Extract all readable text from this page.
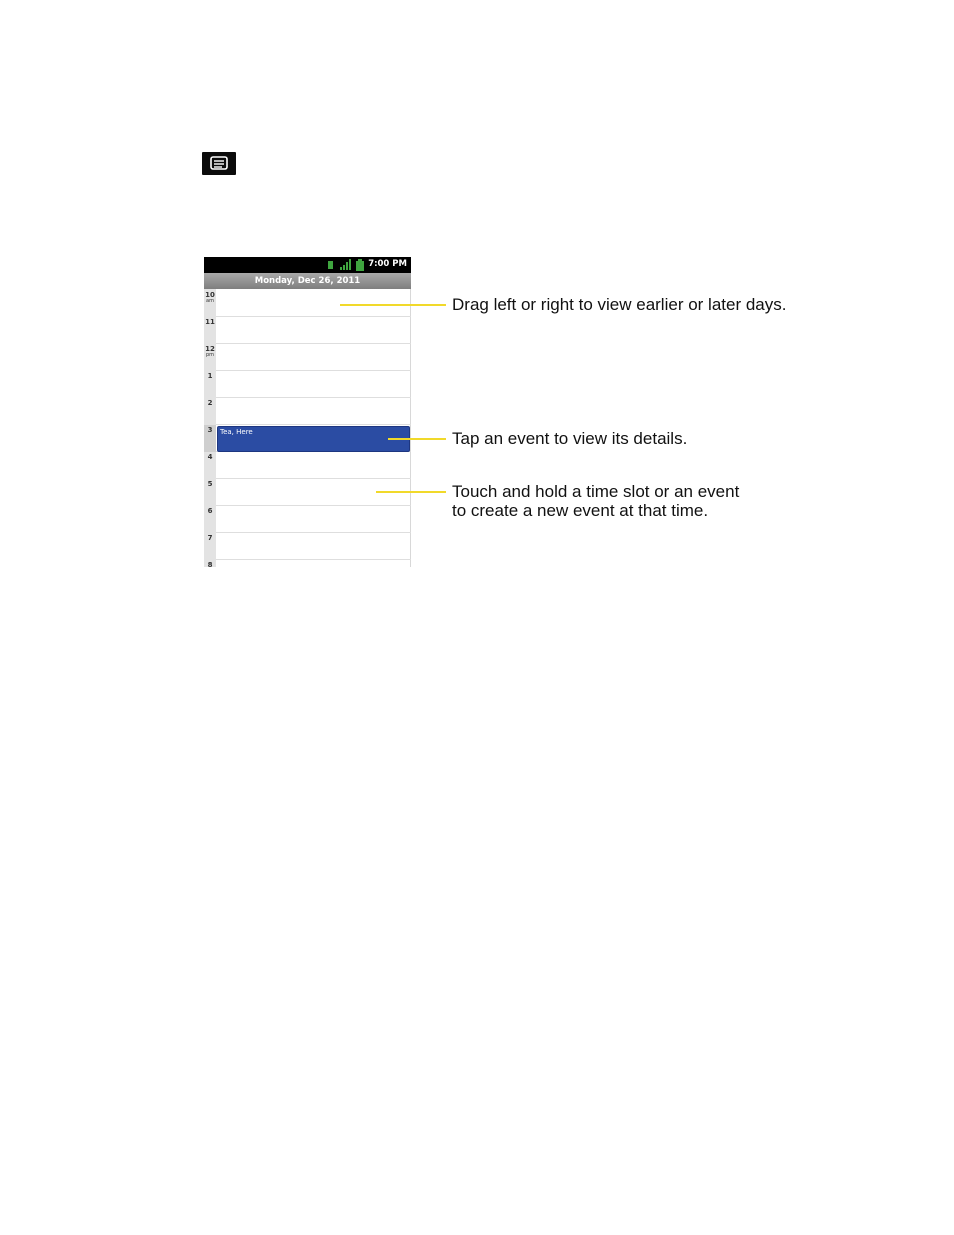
7:00 PM
Monday, Dec 26, 2011
10
am
11
12
pm
1
2
3
4
5
6
7
8
Tea, Here
Drag left or right to view earlier or later days.
Tap an event to view its details.
Touch and hold a time slot or an event
to create a new event at that time.
